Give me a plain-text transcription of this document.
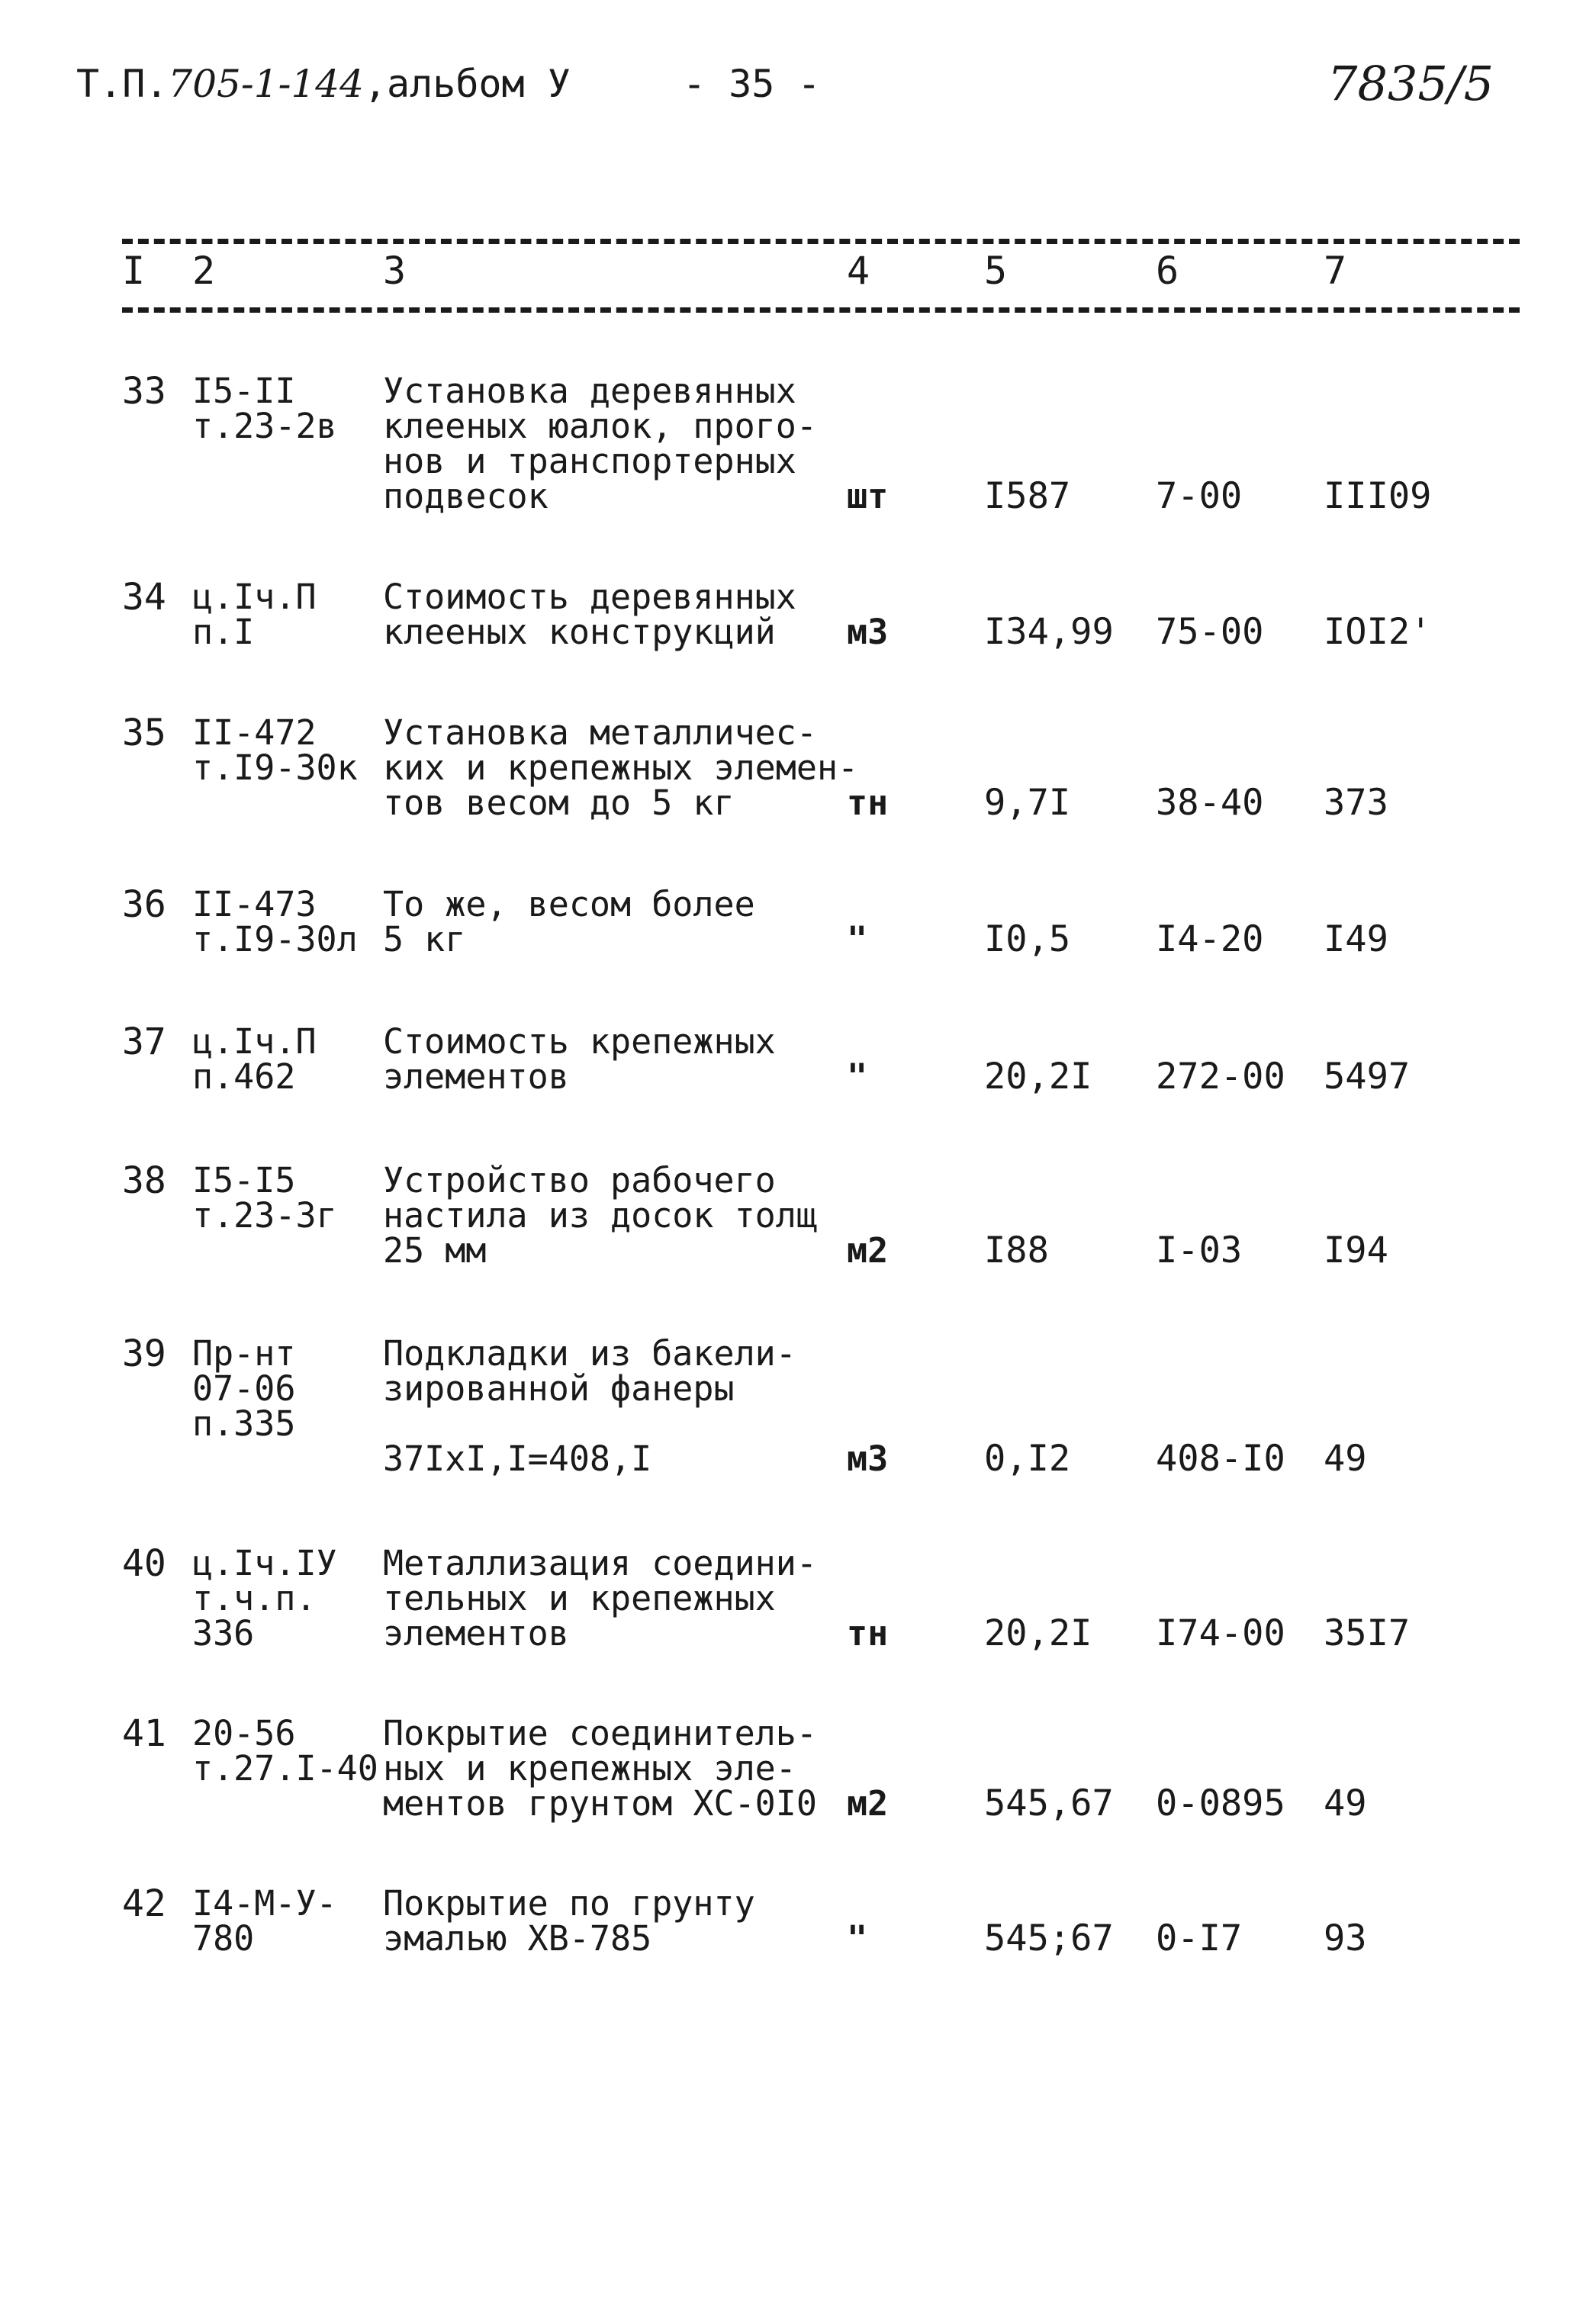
Т.П.705-1-144,альбом У	- 35 -	7835/5
I 2	3	4	5	6	7
33 I5-II
т.23-2в
Установка деревянных
клееных юалок, прого-
нов и транспортерных
подвесок	шт	I587 7-00 III09
34 ц.Iч.П
п.I
Стоимость деревянных
клееных конструкций	м3	I34,99 75-00 IOI2'
35 II-472
т.I9-30к
Установка металличес-
ких и крепежных элемен-
тов весом до 5 кг	тн	9,7I 38-40 373
36 II-473
т.I9-30л
То же, весом более
5 кг	"	I0,5 I4-20 I49
37 ц.Iч.П
п.462
Стоимость крепежных
элементов	"	20,2I 272-00 5497
38 I5-I5
т.23-3г
Устройство рабочего
настила из досок толщ
25 мм	м2	I88	I-03 I94
39 Пр-нт
07-06
п.335
Подкладки из бакели-
зированной фанеры
37IxI,I=408,I	м3	0,I2 408-I0 49
40 ц.Iч.IУ
т.ч.п.
336
Металлизация соедини-
тельных и крепежных
элементов	тн	20,2I I74-00 35I7
41 20-56
т.27.I-40
Покрытие соединитель-
ных и крепежных эле-
ментов грунтом ХС-0I0 м2	545,67 0-0895 49
42 I4-М-У-
780
Покрытие по грунту
эмалью ХВ-785	"	545;67 0-I7 93
